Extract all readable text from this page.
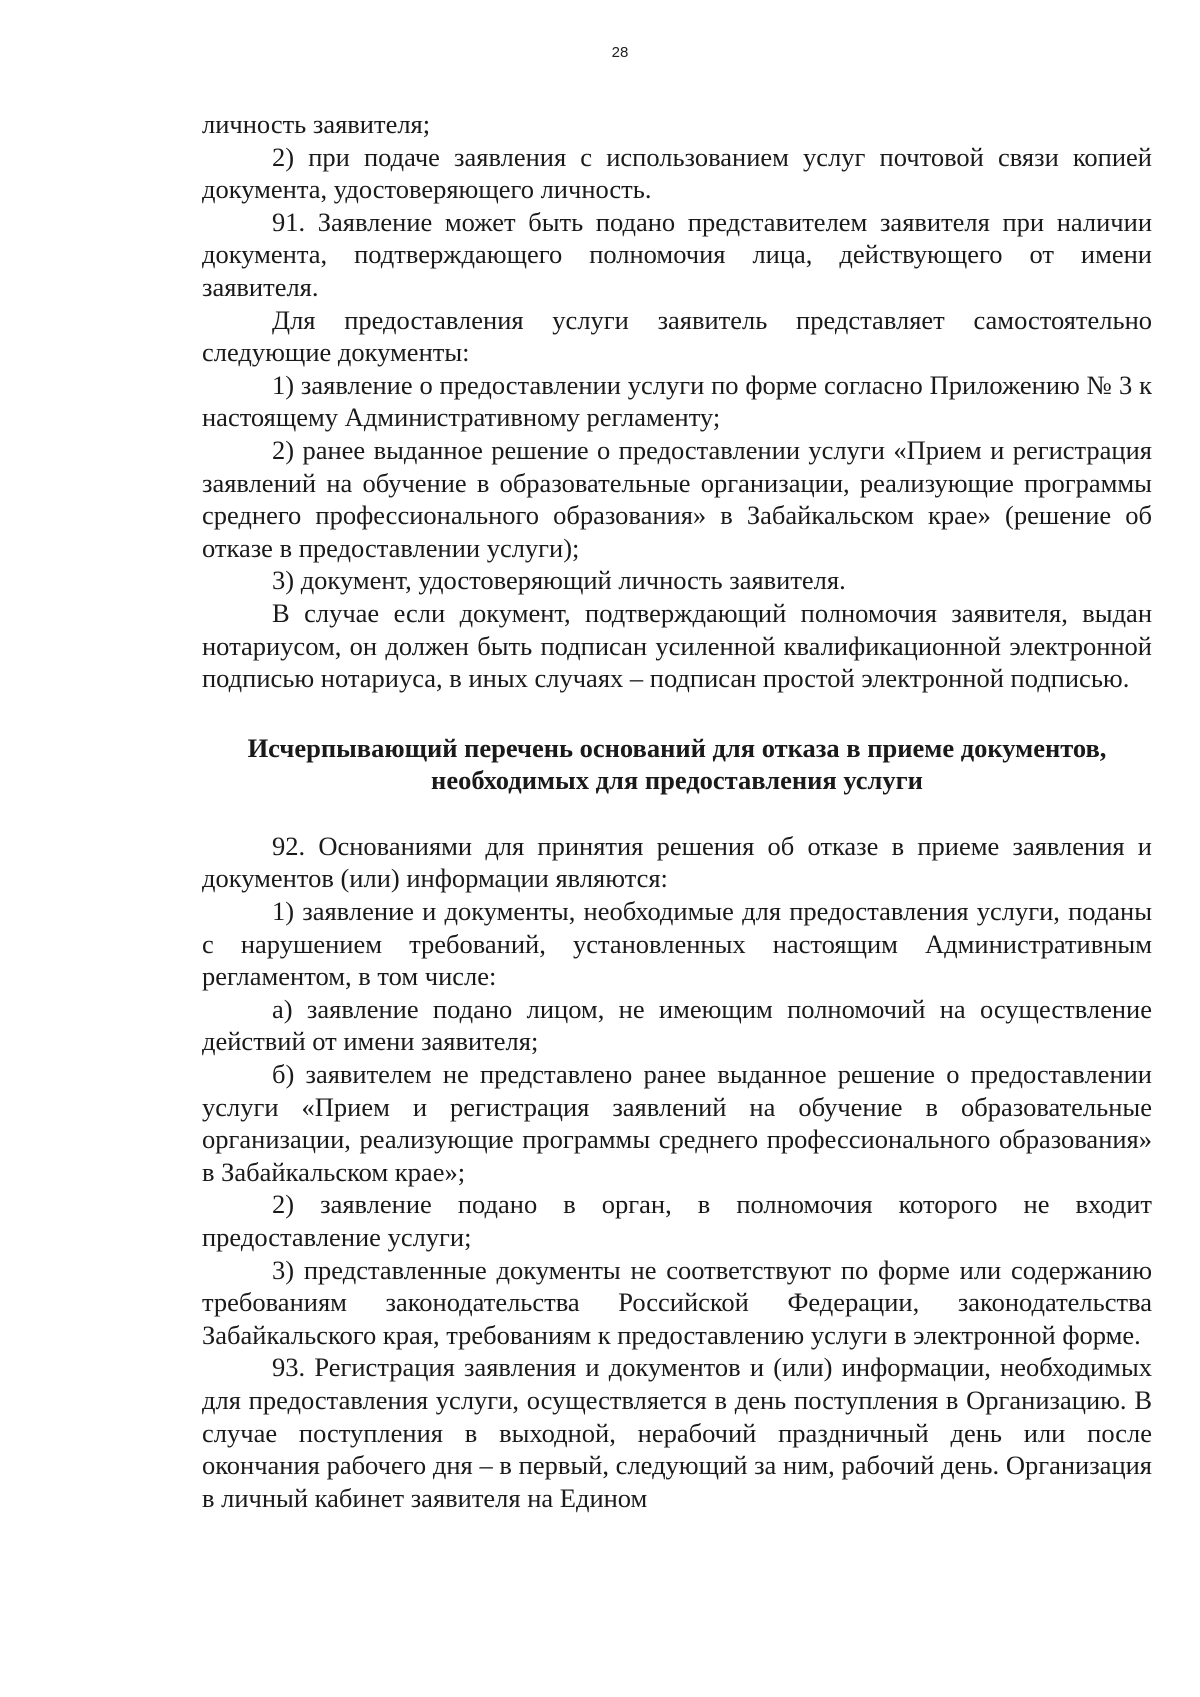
28

личность заявителя;

2) при подаче заявления с использованием услуг почтовой связи копией документа, удостоверяющего личность.

91. Заявление может быть подано представителем заявителя при наличии документа, подтверждающего полномочия лица, действующего от имени заявителя.

Для предоставления услуги заявитель представляет самостоятельно следующие документы:

1) заявление о предоставлении услуги по форме согласно Приложению № 3 к настоящему Административному регламенту;

2) ранее выданное решение о предоставлении услуги «Прием и регистрация заявлений на обучение в образовательные организации, реализующие программы среднего профессионального образования» в Забайкальском крае» (решение об отказе в предоставлении услуги);

3) документ, удостоверяющий личность заявителя.

В случае если документ, подтверждающий полномочия заявителя, выдан нотариусом, он должен быть подписан усиленной квалификационной электронной подписью нотариуса, в иных случаях – подписан простой электронной подписью.

Исчерпывающий перечень оснований для отказа в приеме документов,
необходимых для предоставления услуги

92. Основаниями для принятия решения об отказе в приеме заявления и документов (или) информации являются:

1) заявление и документы, необходимые для предоставления услуги, поданы с нарушением требований, установленных настоящим Административным регламентом, в том числе:

а) заявление подано лицом, не имеющим полномочий на осуществление действий от имени заявителя;

б) заявителем не представлено ранее выданное решение о предоставлении услуги «Прием и регистрация заявлений на обучение в образовательные организации, реализующие программы среднего профессионального образования» в Забайкальском крае»;

2) заявление подано в орган, в полномочия которого не входит предоставление услуги;

3) представленные документы не соответствуют по форме или содержанию требованиям законодательства Российской Федерации, законодательства Забайкальского края, требованиям к предоставлению услуги в электронной форме.

93. Регистрация заявления и документов и (или) информации, необходимых для предоставления услуги, осуществляется в день поступления в Организацию. В случае поступления в выходной, нерабочий праздничный день или после окончания рабочего дня – в первый, следующий за ним, рабочий день. Организация в личный кабинет заявителя на Едином
